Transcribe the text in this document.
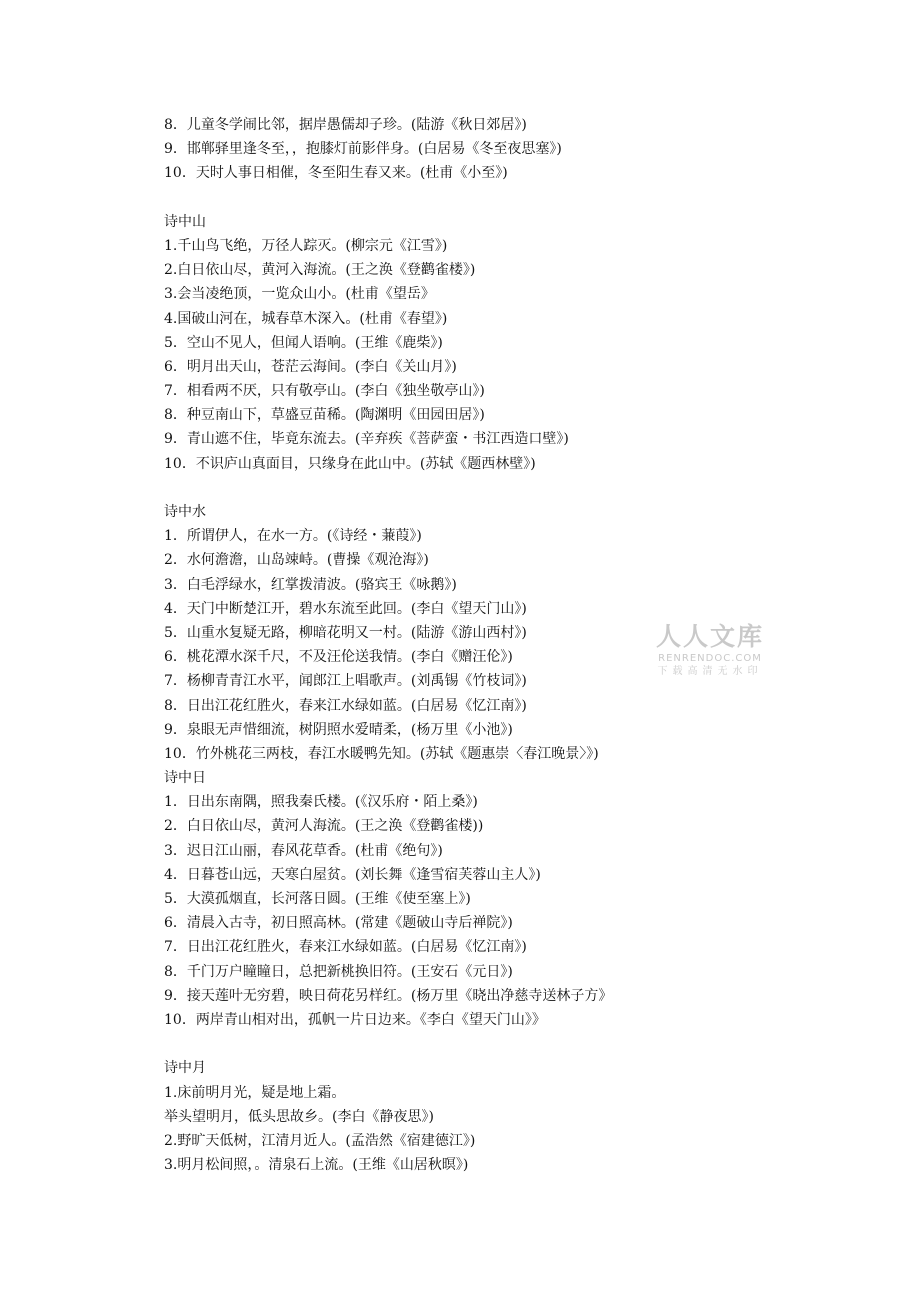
8．儿童冬学闹比邻，据岸愚儒却子珍。(陆游《秋日郊居》)
9．邯郸驿里逢冬至，，抱膝灯前影伴身。(白居易《冬至夜思塞》)
10．天时人事日相催，冬至阳生春又来。(杜甫《小至》)
诗中山
1.千山鸟飞绝，万径人踪灭。(柳宗元《江雪》)
2.白日依山尽，黄河入海流。(王之涣《登鹳雀楼》)
3.会当凌绝顶，一览众山小。(杜甫《望岳》
4.国破山河在，城春草木深入。(杜甫《春望》)
5．空山不见人，但闻人语响。(王维《鹿柴》)
6．明月出天山，苍茫云海间。(李白《关山月》)
7．相看两不厌，只有敬亭山。(李白《独坐敬亭山》)
8．种豆南山下，草盛豆苗稀。(陶渊明《田园田居》)
9．青山遮不住，毕竟东流去。(辛弃疾《菩萨蛮・书江西造口壁》)
10．不识庐山真面目，只缘身在此山中。(苏轼《题西林壁》)
诗中水
1．所谓伊人，在水一方。(《诗经・蒹葭》)
2．水何澹澹，山岛竦峙。(曹操《观沧海》)
3．白毛浮绿水，红掌拨清波。(骆宾王《咏鹅》)
4．天门中断楚江开，碧水东流至此回。(李白《望天门山》)
5．山重水复疑无路，柳暗花明又一村。(陆游《游山西村》)
6．桃花潭水深千尺，不及汪伦送我情。(李白《赠汪伦》)
7．杨柳青青江水平，闻郎江上唱歌声。(刘禹锡《竹枝词》)
8．日出江花红胜火，春来江水绿如蓝。(白居易《忆江南》)
9．泉眼无声惜细流，树阴照水爱晴柔，(杨万里《小池》)
10．竹外桃花三两枝，春江水暖鸭先知。(苏轼《题惠崇〈春江晚景〉》)
诗中日
1．日出东南隅，照我秦氏楼。(《汉乐府・陌上桑》)
2．白日依山尽，黄河人海流。(王之涣《登鹳雀楼))
3．迟日江山丽，春风花草香。(杜甫《绝句》)
4．日暮苍山远，天寒白屋贫。(刘长舞《逢雪宿芙蓉山主人》)
5．大漠孤烟直，长河落日圆。(王维《使至塞上》)
6．清晨入古寺，初日照高林。(常建《题破山寺后禅院》)
7．日出江花红胜火，春来江水绿如蓝。(白居易《忆江南》)
8．千门万户瞳瞳日，总把新桃换旧符。(王安石《元日》)
9．接天莲叶无穷碧，映日荷花另样红。(杨万里《晓出净慈寺送林子方》
10．两岸青山相对出，孤帆一片日边来。《李白《望天门山》》
诗中月
1.床前明月光，疑是地上霜。
举头望明月，低头思故乡。(李白《静夜思》)
2.野旷天低树，江清月近人。(孟浩然《宿建德江》)
3.明月松间照，。清泉石上流。(王维《山居秋暝》)
人人文库
RENRENDOC.COM
下载高清无水印
